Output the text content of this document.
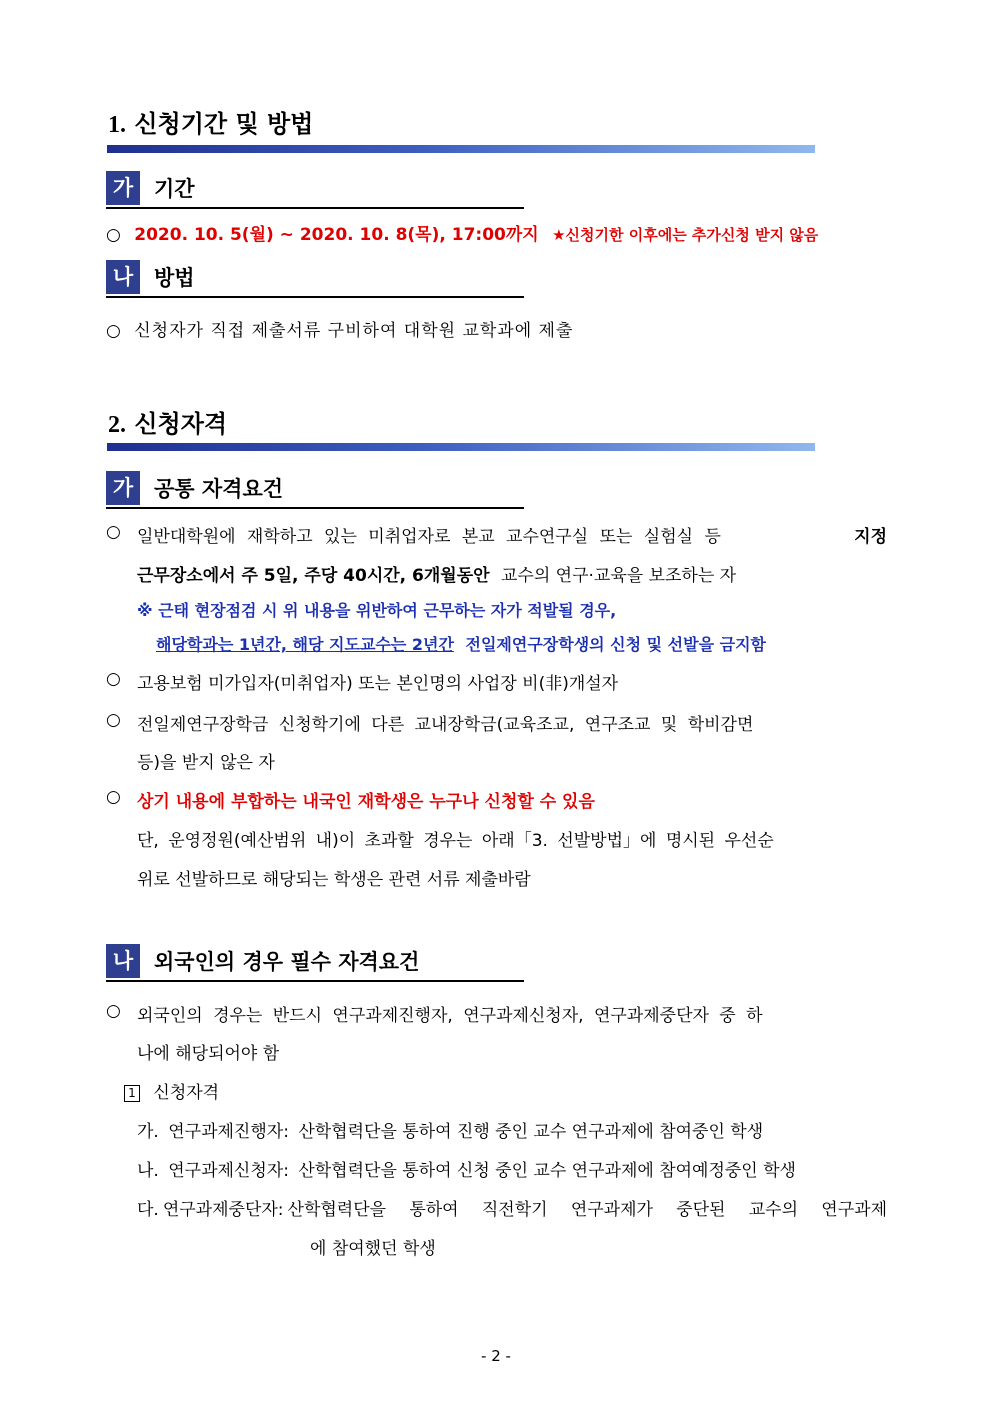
1. 신청기간 및 방법
가 기간
○ 2020. 10. 5(월) ~ 2020. 10. 8(목), 17:00까지 ★신청기한 이후에는 추가신청 받지 않음
나 방법
○ 신청자가 직접 제출서류 구비하여 대학원 교학과에 제출
2. 신청자격
가 공통 자격요건
○ 일반대학원에 재학하고 있는 미취업자로 본교 교수연구실 또는 실험실 등	지정
근무장소에서 주 5일, 주당 40시간, 6개월동안 교수의 연구·교육을 보조하는 자
※ 근태 현장점검 시 위 내용을 위반하여 근무하는 자가 적발될 경우,
해당학과는 1년간, 해당 지도교수는 2년간 전일제연구장학생의 신청 및 선발을 금지함
○ 고용보험 미가입자(미취업자) 또는 본인명의 사업장 비(非)개설자
○ 전일제연구장학금 신청학기에 다른 교내장학금(교육조교, 연구조교 및 학비감면
등)을 받지 않은 자
○ 상기 내용에 부합하는 내국인 재학생은 누구나 신청할 수 있음
단, 운영정원(예산범위 내)이 초과할 경우는 아래「3. 선발방법」에 명시된 우선순
위로 선발하므로 해당되는 학생은 관련 서류 제출바람
나 외국인의 경우 필수 자격요건
○ 외국인의 경우는 반드시 연구과제진행자, 연구과제신청자, 연구과제중단자 중 하
나에 해당되어야 함
1 신청자격
가. 연구과제진행자: 산학협력단을 통하여 진행 중인 교수 연구과제에 참여중인 학생
나. 연구과제신청자: 산학협력단을 통하여 신청 중인 교수 연구과제에 참여예정중인 학생
다. 연구과제중단자: 산학협력단을 통하여 직전학기 연구과제가 중단된 교수의 연구과제
에 참여했던 학생
- 2 -
